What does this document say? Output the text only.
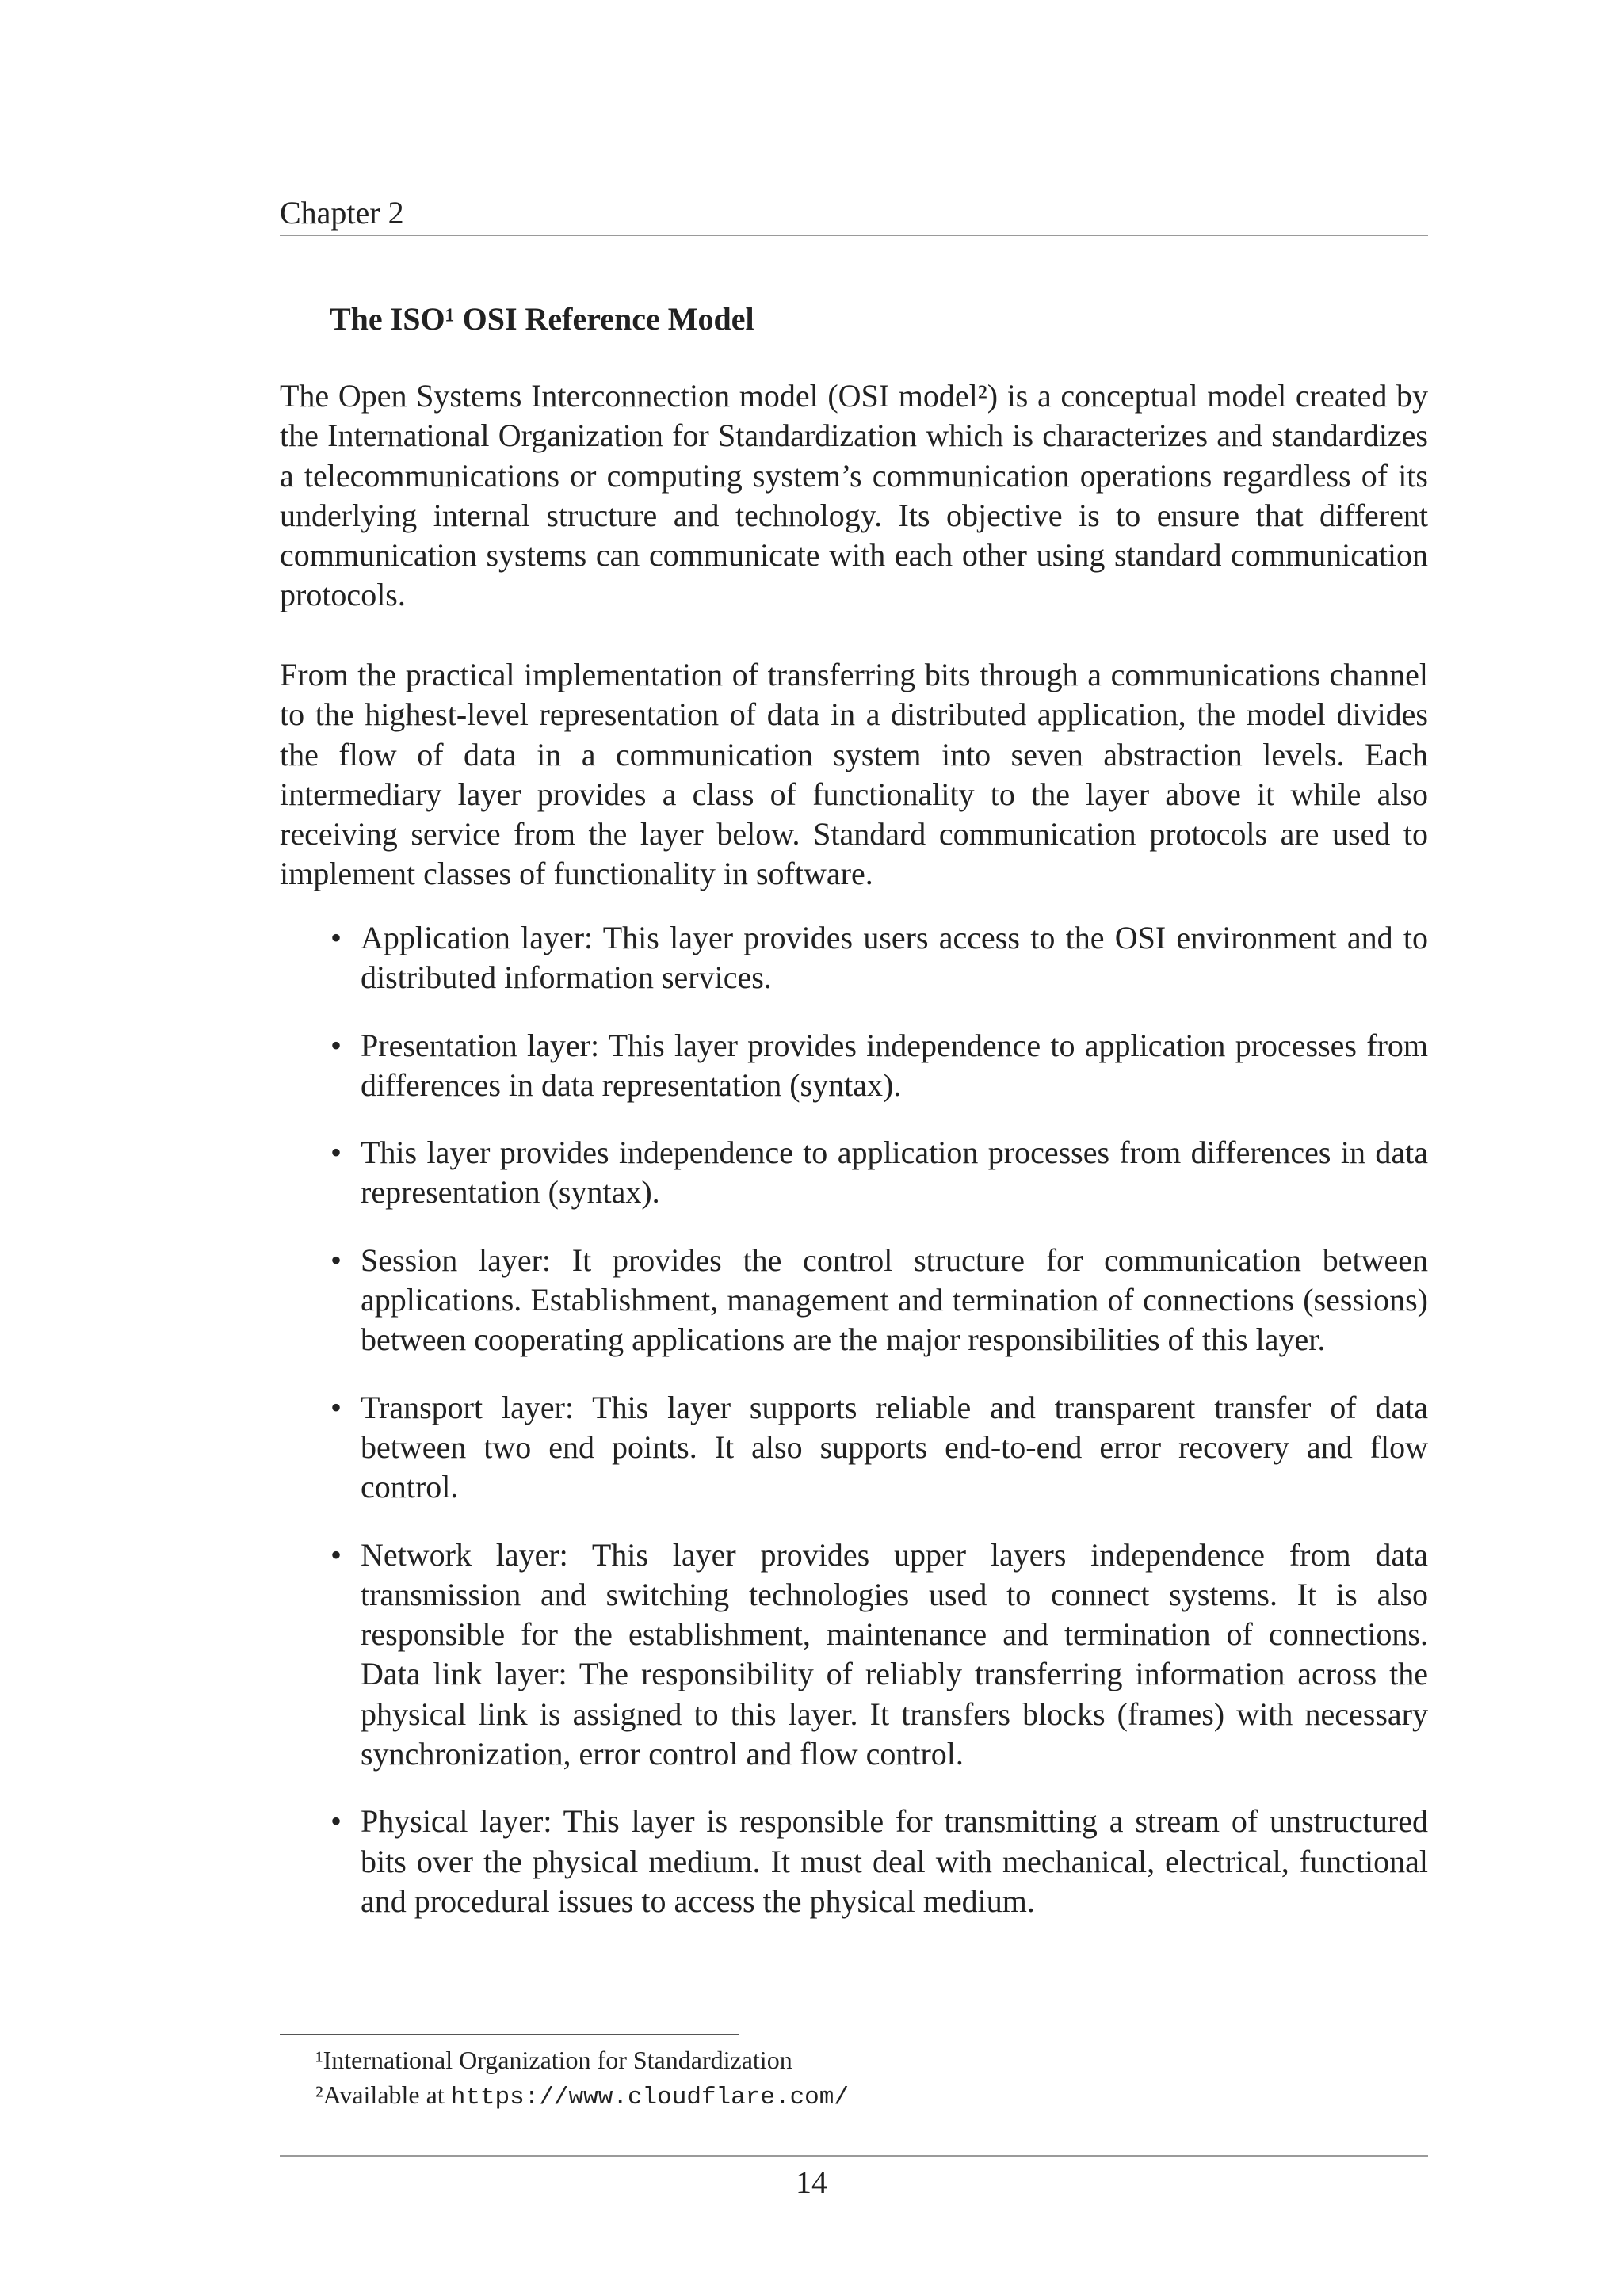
Chapter 2
The ISO¹ OSI Reference Model

The Open Systems Interconnection model (OSI model²) is a conceptual model created by the International Organization for Standardization which is characterizes and standardizes a telecommunications or computing system’s communication operations regardless of its underlying internal structure and technology. Its objective is to ensure that different communication systems can communicate with each other using standard communication protocols.

From the practical implementation of transferring bits through a communications channel to the highest-level representation of data in a distributed application, the model divides the flow of data in a communication system into seven abstraction levels. Each intermediary layer provides a class of functionality to the layer above it while also receiving service from the layer below. Standard communication protocols are used to implement classes of functionality in software.

• Application layer: This layer provides users access to the OSI environment and to distributed information services.
• Presentation layer: This layer provides independence to application processes from differences in data representation (syntax).
• This layer provides independence to application processes from differences in data representation (syntax).
• Session layer: It provides the control structure for communication between applications. Establishment, management and termination of connections (sessions) between cooperating applications are the major responsibilities of this layer.
• Transport layer: This layer supports reliable and transparent transfer of data between two end points. It also supports end-to-end error recovery and flow control.
• Network layer: This layer provides upper layers independence from data transmission and switching technologies used to connect systems. It is also responsible for the establishment, maintenance and termination of connections. Data link layer: The responsibility of reliably transferring information across the physical link is assigned to this layer. It transfers blocks (frames) with necessary synchronization, error control and flow control.
• Physical layer: This layer is responsible for transmitting a stream of unstructured bits over the physical medium. It must deal with mechanical, electrical, functional and procedural issues to access the physical medium.
¹International Organization for Standardization
²Available at https://www.cloudflare.com/
14
